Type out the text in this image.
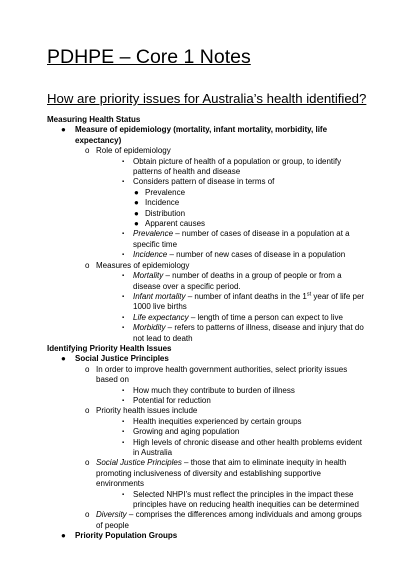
PDHPE – Core 1 Notes
How are priority issues for Australia’s health identified?

Measuring Health Status

● Measure of epidemiology (mortality, infant mortality, morbidity, life expectancy)
o Role of epidemiology
▪ Obtain picture of health of a population or group, to identify patterns of health and disease
▪ Considers pattern of disease in terms of
● Prevalence
● Incidence
● Distribution
● Apparent causes
▪ Prevalence – number of cases of disease in a population at a specific time
▪ Incidence – number of new cases of disease in a population
o Measures of epidemiology
▪ Mortality – number of deaths in a group of people or from a disease over a specific period.
▪ Infant mortality – number of infant deaths in the 1st year of life per 1000 live births
▪ Life expectancy – length of time a person can expect to live
▪ Morbidity – refers to patterns of illness, disease and injury that do not lead to death

Identifying Priority Health Issues

● Social Justice Principles
o In order to improve health government authorities, select priority issues based on
▪ How much they contribute to burden of illness
▪ Potential for reduction
o Priority health issues include
▪ Health inequities experienced by certain groups
▪ Growing and aging population
▪ High levels of chronic disease and other health problems evident in Australia
o Social Justice Principles – those that aim to eliminate inequity in health promoting inclusiveness of diversity and establishing supportive environments
▪ Selected NHPI’s must reflect the principles in the impact these principles have on reducing health inequities can be determined
o Diversity – comprises the differences among individuals and among groups of people
● Priority Population Groups
